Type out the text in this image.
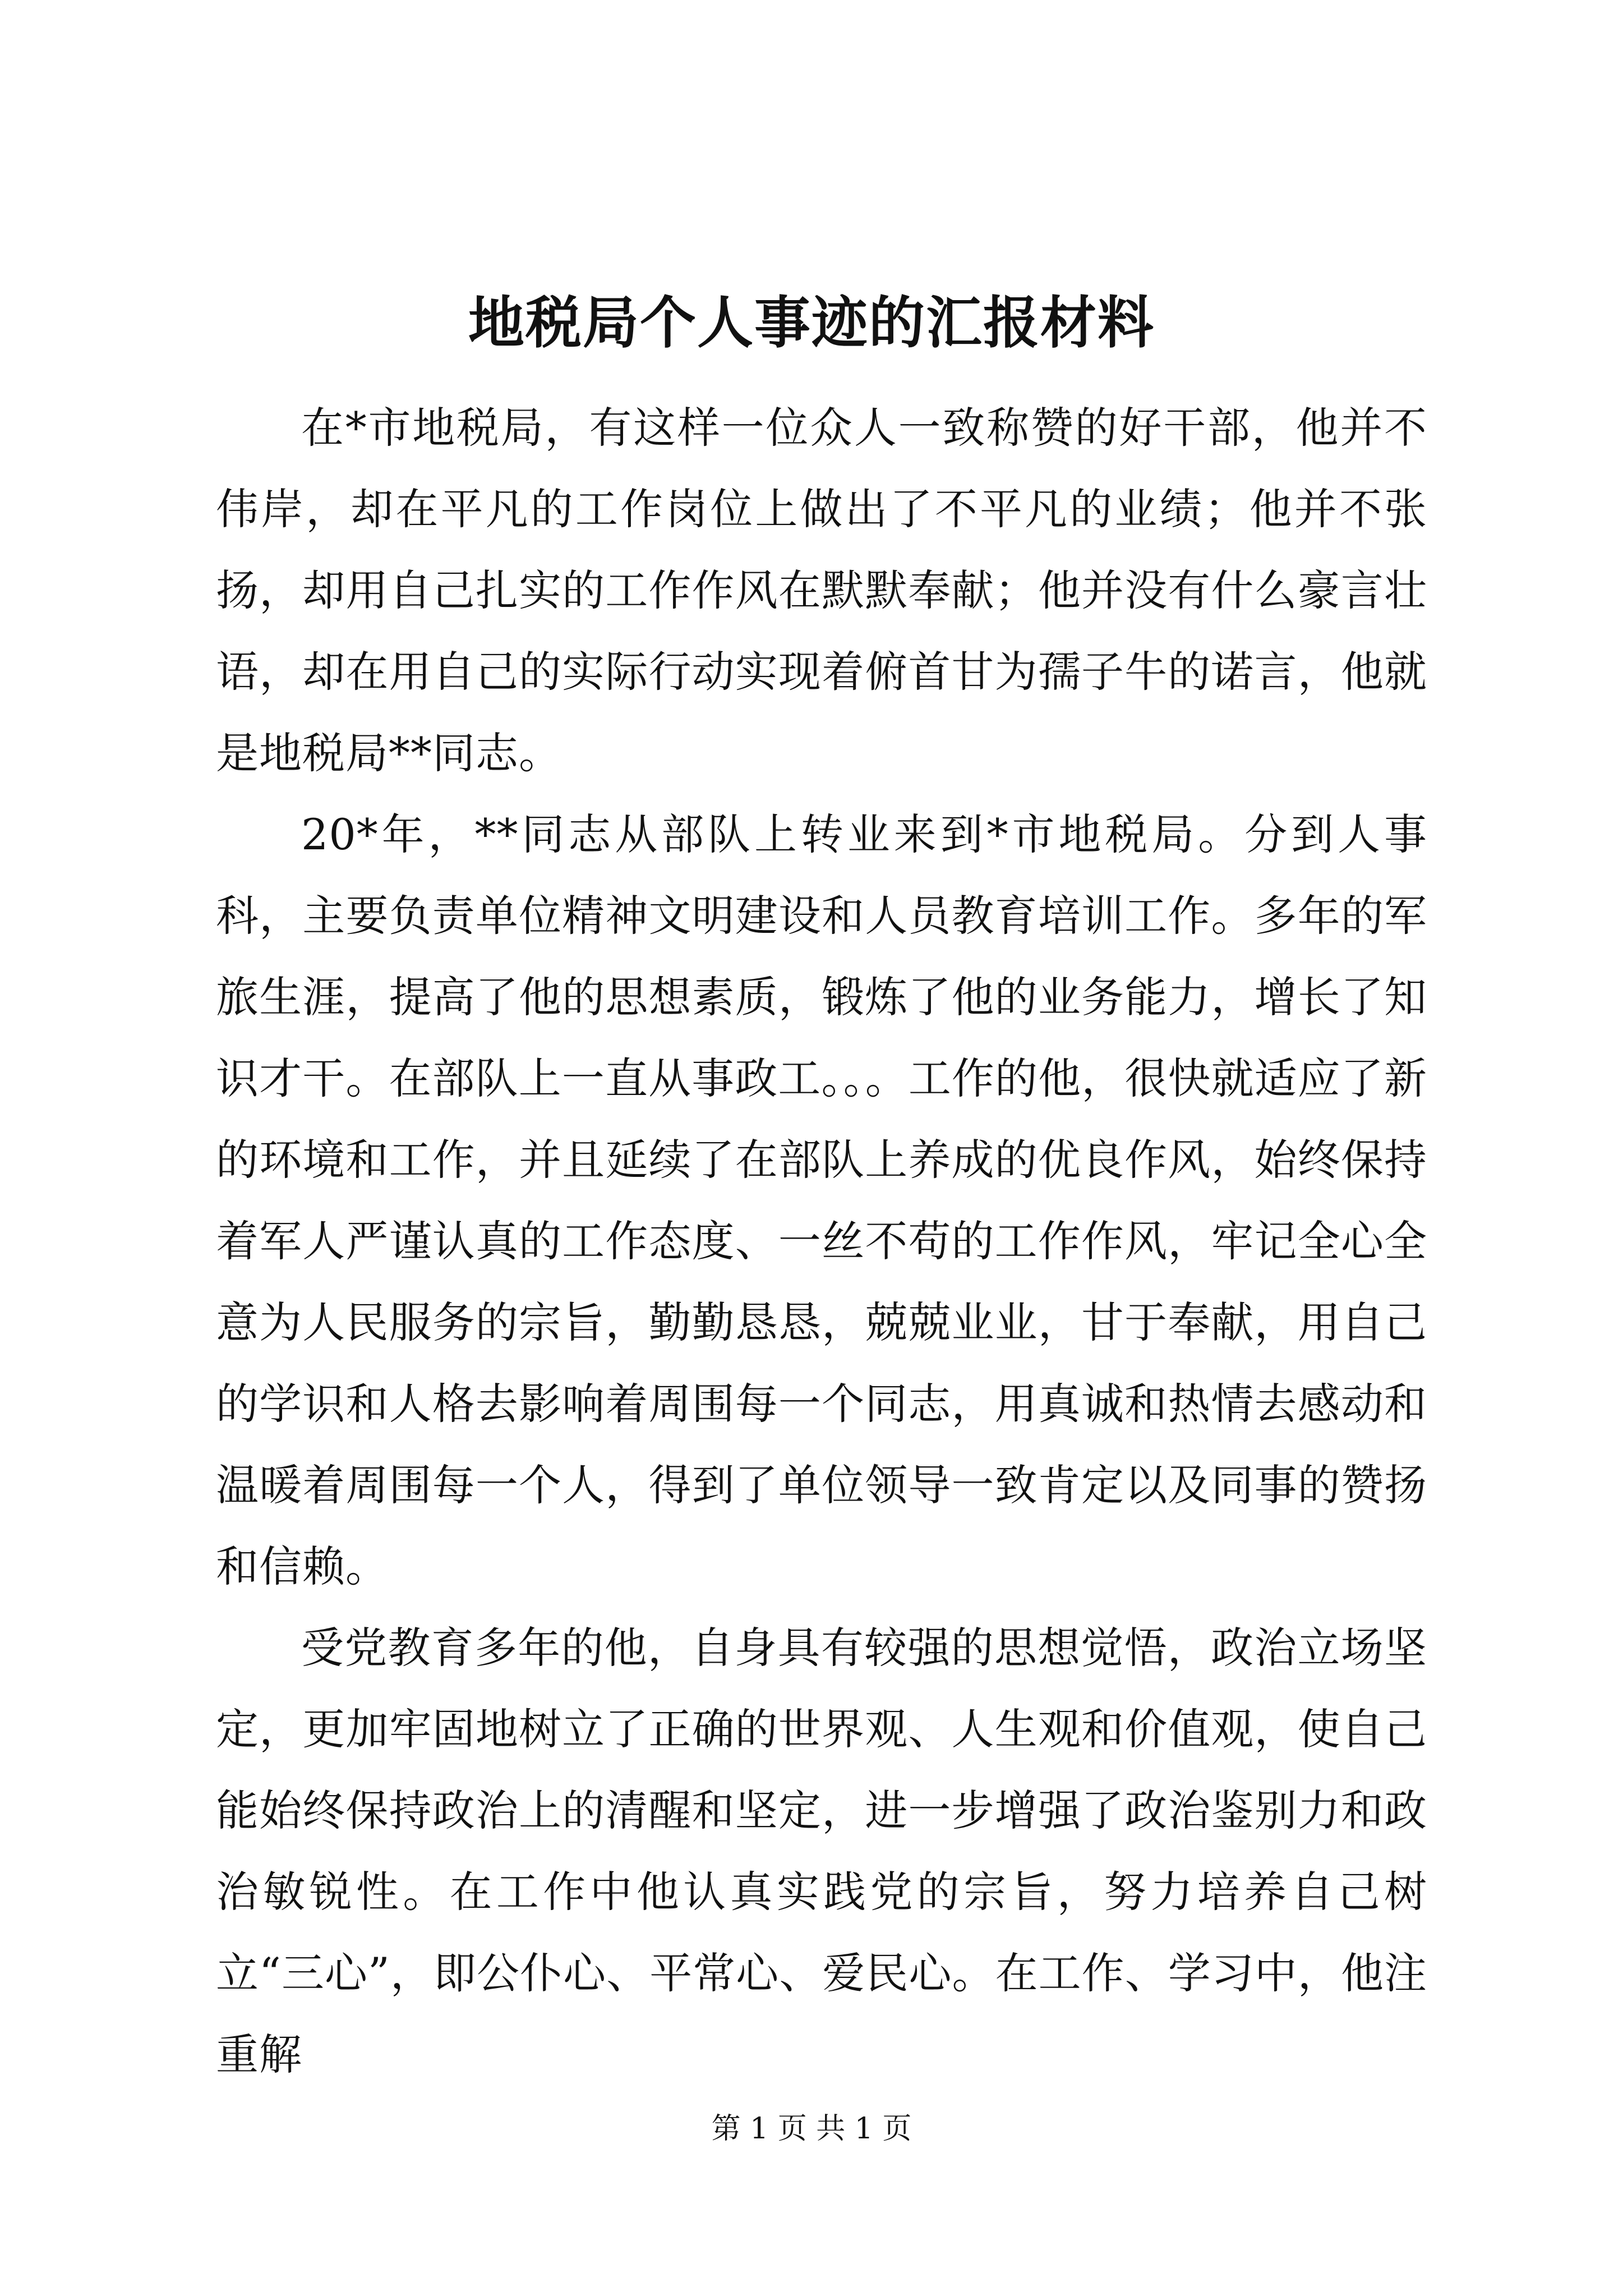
地税局个人事迹的汇报材料

在*市地税局，有这样一位众人一致称赞的好干部，他并不伟岸，却在平凡的工作岗位上做出了不平凡的业绩；他并不张扬，却用自己扎实的工作作风在默默奉献；他并没有什么豪言壮语，却在用自己的实际行动实现着俯首甘为孺子牛的诺言，他就是地税局**同志。

20*年，**同志从部队上转业来到*市地税局。分到人事科，主要负责单位精神文明建设和人员教育培训工作。多年的军旅生涯，提高了他的思想素质，锻炼了他的业务能力，增长了知识才干。在部队上一直从事政工。。。工作的他，很快就适应了新的环境和工作，并且延续了在部队上养成的优良作风，始终保持着军人严谨认真的工作态度、一丝不苟的工作作风，牢记全心全意为人民服务的宗旨，勤勤恳恳，兢兢业业，甘于奉献，用自己的学识和人格去影响着周围每一个同志，用真诚和热情去感动和温暖着周围每一个人，得到了单位领导一致肯定以及同事的赞扬和信赖。

受党教育多年的他，自身具有较强的思想觉悟，政治立场坚定，更加牢固地树立了正确的世界观、人生观和价值观，使自己能始终保持政治上的清醒和坚定，进一步增强了政治鉴别力和政治敏锐性。在工作中他认真实践党的宗旨，努力培养自己树立“三心”，即公仆心、平常心、爱民心。在工作、学习中，他注重解

第 1 页 共 1 页
